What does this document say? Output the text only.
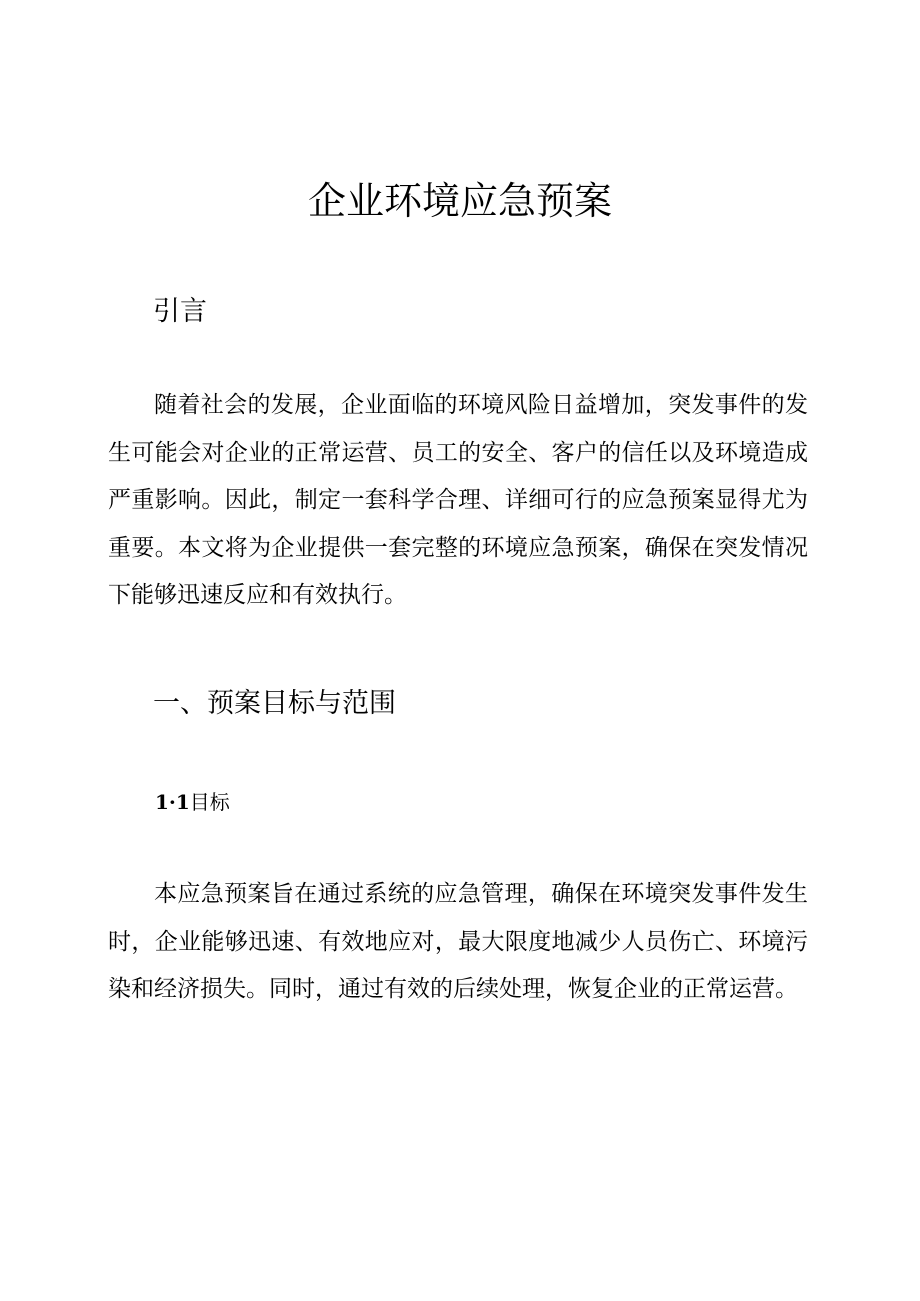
企业环境应急预案
引言

随着社会的发展，企业面临的环境风险日益增加，突发事件的发生可能会对企业的正常运营、员工的安全、客户的信任以及环境造成严重影响。因此，制定一套科学合理、详细可行的应急预案显得尤为重要。本文将为企业提供一套完整的环境应急预案，确保在突发情况下能够迅速反应和有效执行。

一、预案目标与范围
1·1目标

本应急预案旨在通过系统的应急管理，确保在环境突发事件发生时，企业能够迅速、有效地应对，最大限度地减少人员伤亡、环境污染和经济损失。同时，通过有效的后续处理，恢复企业的正常运营。
